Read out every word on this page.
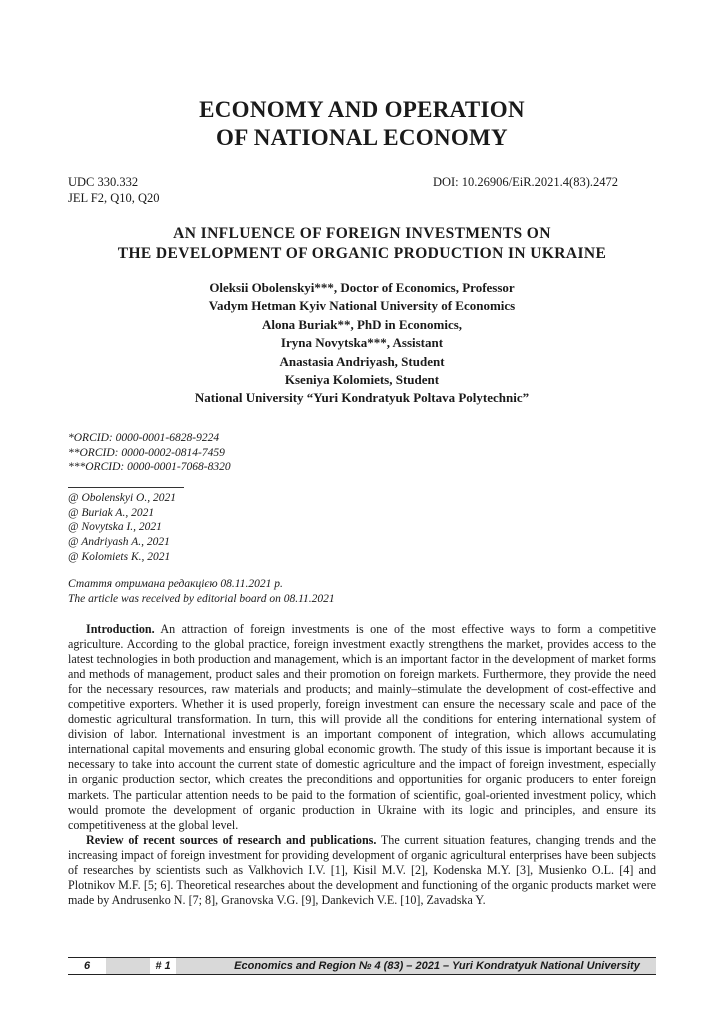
ECONOMY AND OPERATION
OF NATIONAL ECONOMY
UDC 330.332
JEL F2, Q10, Q20
DOI: 10.26906/EiR.2021.4(83).2472
AN INFLUENCE OF FOREIGN INVESTMENTS ON
THE DEVELOPMENT OF ORGANIC PRODUCTION IN UKRAINE
Oleksii Obolenskyi***, Doctor of Economics, Professor
Vadym Hetman Kyiv National University of Economics
Alona Buriak**, PhD in Economics,
Iryna Novytska***, Assistant
Anastasia Andriyash, Student
Kseniya Kolomiets, Student
National University “Yuri Kondratyuk Poltava Polytechnic”
*ORCID: 0000-0001-6828-9224
**ORCID: 0000-0002-0814-7459
***ORCID: 0000-0001-7068-8320
@ Obolenskyi O., 2021
@ Buriak A., 2021
@ Novytska I., 2021
@ Andriyash A., 2021
@ Kolomiets K., 2021
Стаття отримана редакцією 08.11.2021 р.
The article was received by editorial board on 08.11.2021

Introduction. An attraction of foreign investments is one of the most effective ways to form a competitive agriculture. According to the global practice, foreign investment exactly strengthens the market, provides access to the latest technologies in both production and management, which is an important factor in the development of market forms and methods of management, product sales and their promotion on foreign markets. Furthermore, they provide the need for the necessary resources, raw materials and products; and mainly–stimulate the development of cost-effective and competitive exporters. Whether it is used properly, foreign investment can ensure the necessary scale and pace of the domestic agricultural transformation. In turn, this will provide all the conditions for entering international system of division of labor. International investment is an important component of integration, which allows accumulating international capital movements and ensuring global economic growth. The study of this issue is important because it is necessary to take into account the current state of domestic agriculture and the impact of foreign investment, especially in organic production sector, which creates the preconditions and opportunities for organic producers to enter foreign markets. The particular attention needs to be paid to the formation of scientific, goal-oriented investment policy, which would promote the development of organic production in Ukraine with its logic and principles, and ensure its competitiveness at the global level.

Review of recent sources of research and publications. The current situation features, changing trends and the increasing impact of foreign investment for providing development of organic agricultural enterprises have been subjects of researches by scientists such as Valkhovich I.V. [1], Kisil M.V. [2], Kodenska M.Y. [3], Musienko O.L. [4] and Plotnikov M.F. [5; 6]. Theoretical researches about the development and functioning of the organic products market were made by Andrusenko N. [7; 8], Granovska V.G. [9], Dankevich V.E. [10], Zavadska Y.

6	# 1	Economics and Region № 4 (83) – 2021 – Yuri Kondratyuk National University
